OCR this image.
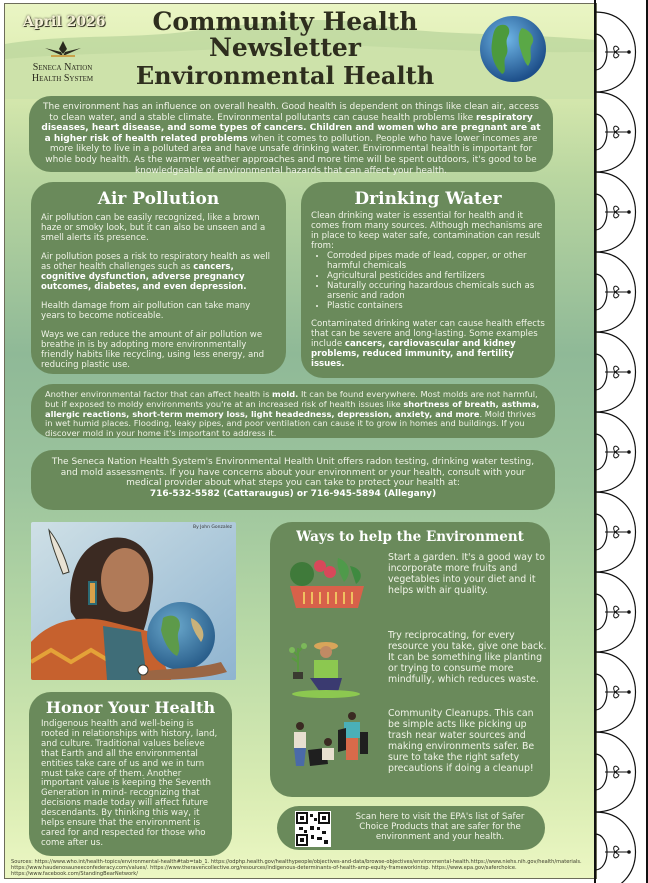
April 2026
Seneca Nation
Health System
Community Health
Newsletter
Environmental Health

The environment has an influence on overall health. Good health is dependent on things like clean air, access to clean water, and a stable climate. Environmental pollutants can cause health problems like respiratory diseases, heart disease, and some types of cancers. Children and women who are pregnant are at a higher risk of health related problems when it comes to pollution. People who have lower incomes are more likely to live in a polluted area and have unsafe drinking water. Environmental health is important for whole body health. As the warmer weather approaches and more time will be spent outdoors, it's good to be knowledgeable of environmental hazards that can affect your health.

Air Pollution

Air pollution can be easily recognized, like a brown haze or smoky look, but it can also be unseen and a smell alerts its presence.

Air pollution poses a risk to respiratory health as well as other health challenges such as cancers, cognitive dysfunction, adverse pregnancy outcomes, diabetes, and even depression.

Health damage from air pollution can take many years to become noticeable.

Ways we can reduce the amount of air pollution we breathe in is by adopting more environmentally friendly habits like recycling, using less energy, and reducing plastic use.

Drinking Water

Clean drinking water is essential for health and it comes from many sources. Although mechanisms are in place to keep water safe, contamination can result from:

• Corroded pipes made of lead, copper, or other harmful chemicals
• Agricultural pesticides and fertilizers
• Naturally occuring hazardous chemicals such as arsenic and radon
• Plastic containers

Contaminated drinking water can cause health effects that can be severe and long-lasting. Some examples include cancers, cardiovascular and kidney problems, reduced immunity, and fertility issues.

Another environmental factor that can affect health is mold. It can be found everywhere. Most molds are not harmful, but if exposed to moldy environments you're at an increased risk of health issues like shortness of breath, asthma, allergic reactions, short-term memory loss, light headedness, depression, anxiety, and more. Mold thrives in wet humid places. Flooding, leaky pipes, and poor ventilation can cause it to grow in homes and buildings. If you discover mold in your home it's important to address it.

The Seneca Nation Health System's Environmental Health Unit offers radon testing, drinking water testing, and mold assessments. If you have concerns about your environment or your health, consult with your medical provider about what steps you can take to protect your health at:

716-532-5582 (Cattaraugus) or 716-945-5894 (Allegany)

By John Gonzalez
Honor Your Health

Indigenous health and well-being is rooted in relationships with history, land, and culture. Traditional values believe that Earth and all the environmental entities take care of us and we in turn must take care of them. Another important value is keeping the Seventh Generation in mind- recognizing that decisions made today will affect future descendants. By thinking this way, it helps ensure that the environment is cared for and respected for those who come after us.

Ways to help the Environment
Start a garden. It's a good way to incorporate more fruits and vegetables into your diet and it helps with air quality.
Try reciprocating, for every resource you take, give one back. It can be something like planting or trying to consume more mindfully, which reduces waste.
Community Cleanups. This can be simple acts like picking up trash near water sources and making environments safer. Be sure to take the right safety precautions if doing a cleanup!
Scan here to visit the EPA's list of Safer Choice Products that are safer for the environment and your health.
Sources: https://www.who.int/health-topics/environmental-health#tab=tab_1. https://odphp.health.gov/healthypeople/objectives-and-data/browse-objectives/environmental-health.https://www.niehs.nih.gov/health/materials. https://www.haudenosauneeconfederacy.com/values/. https://www.theravencollective.org/resources/indigenous-determinants-of-health-amp-equity-frameworkintsp. https://www.epa.gov/saferchoice. https://www.facebook.com/StandingBearNetwork/
